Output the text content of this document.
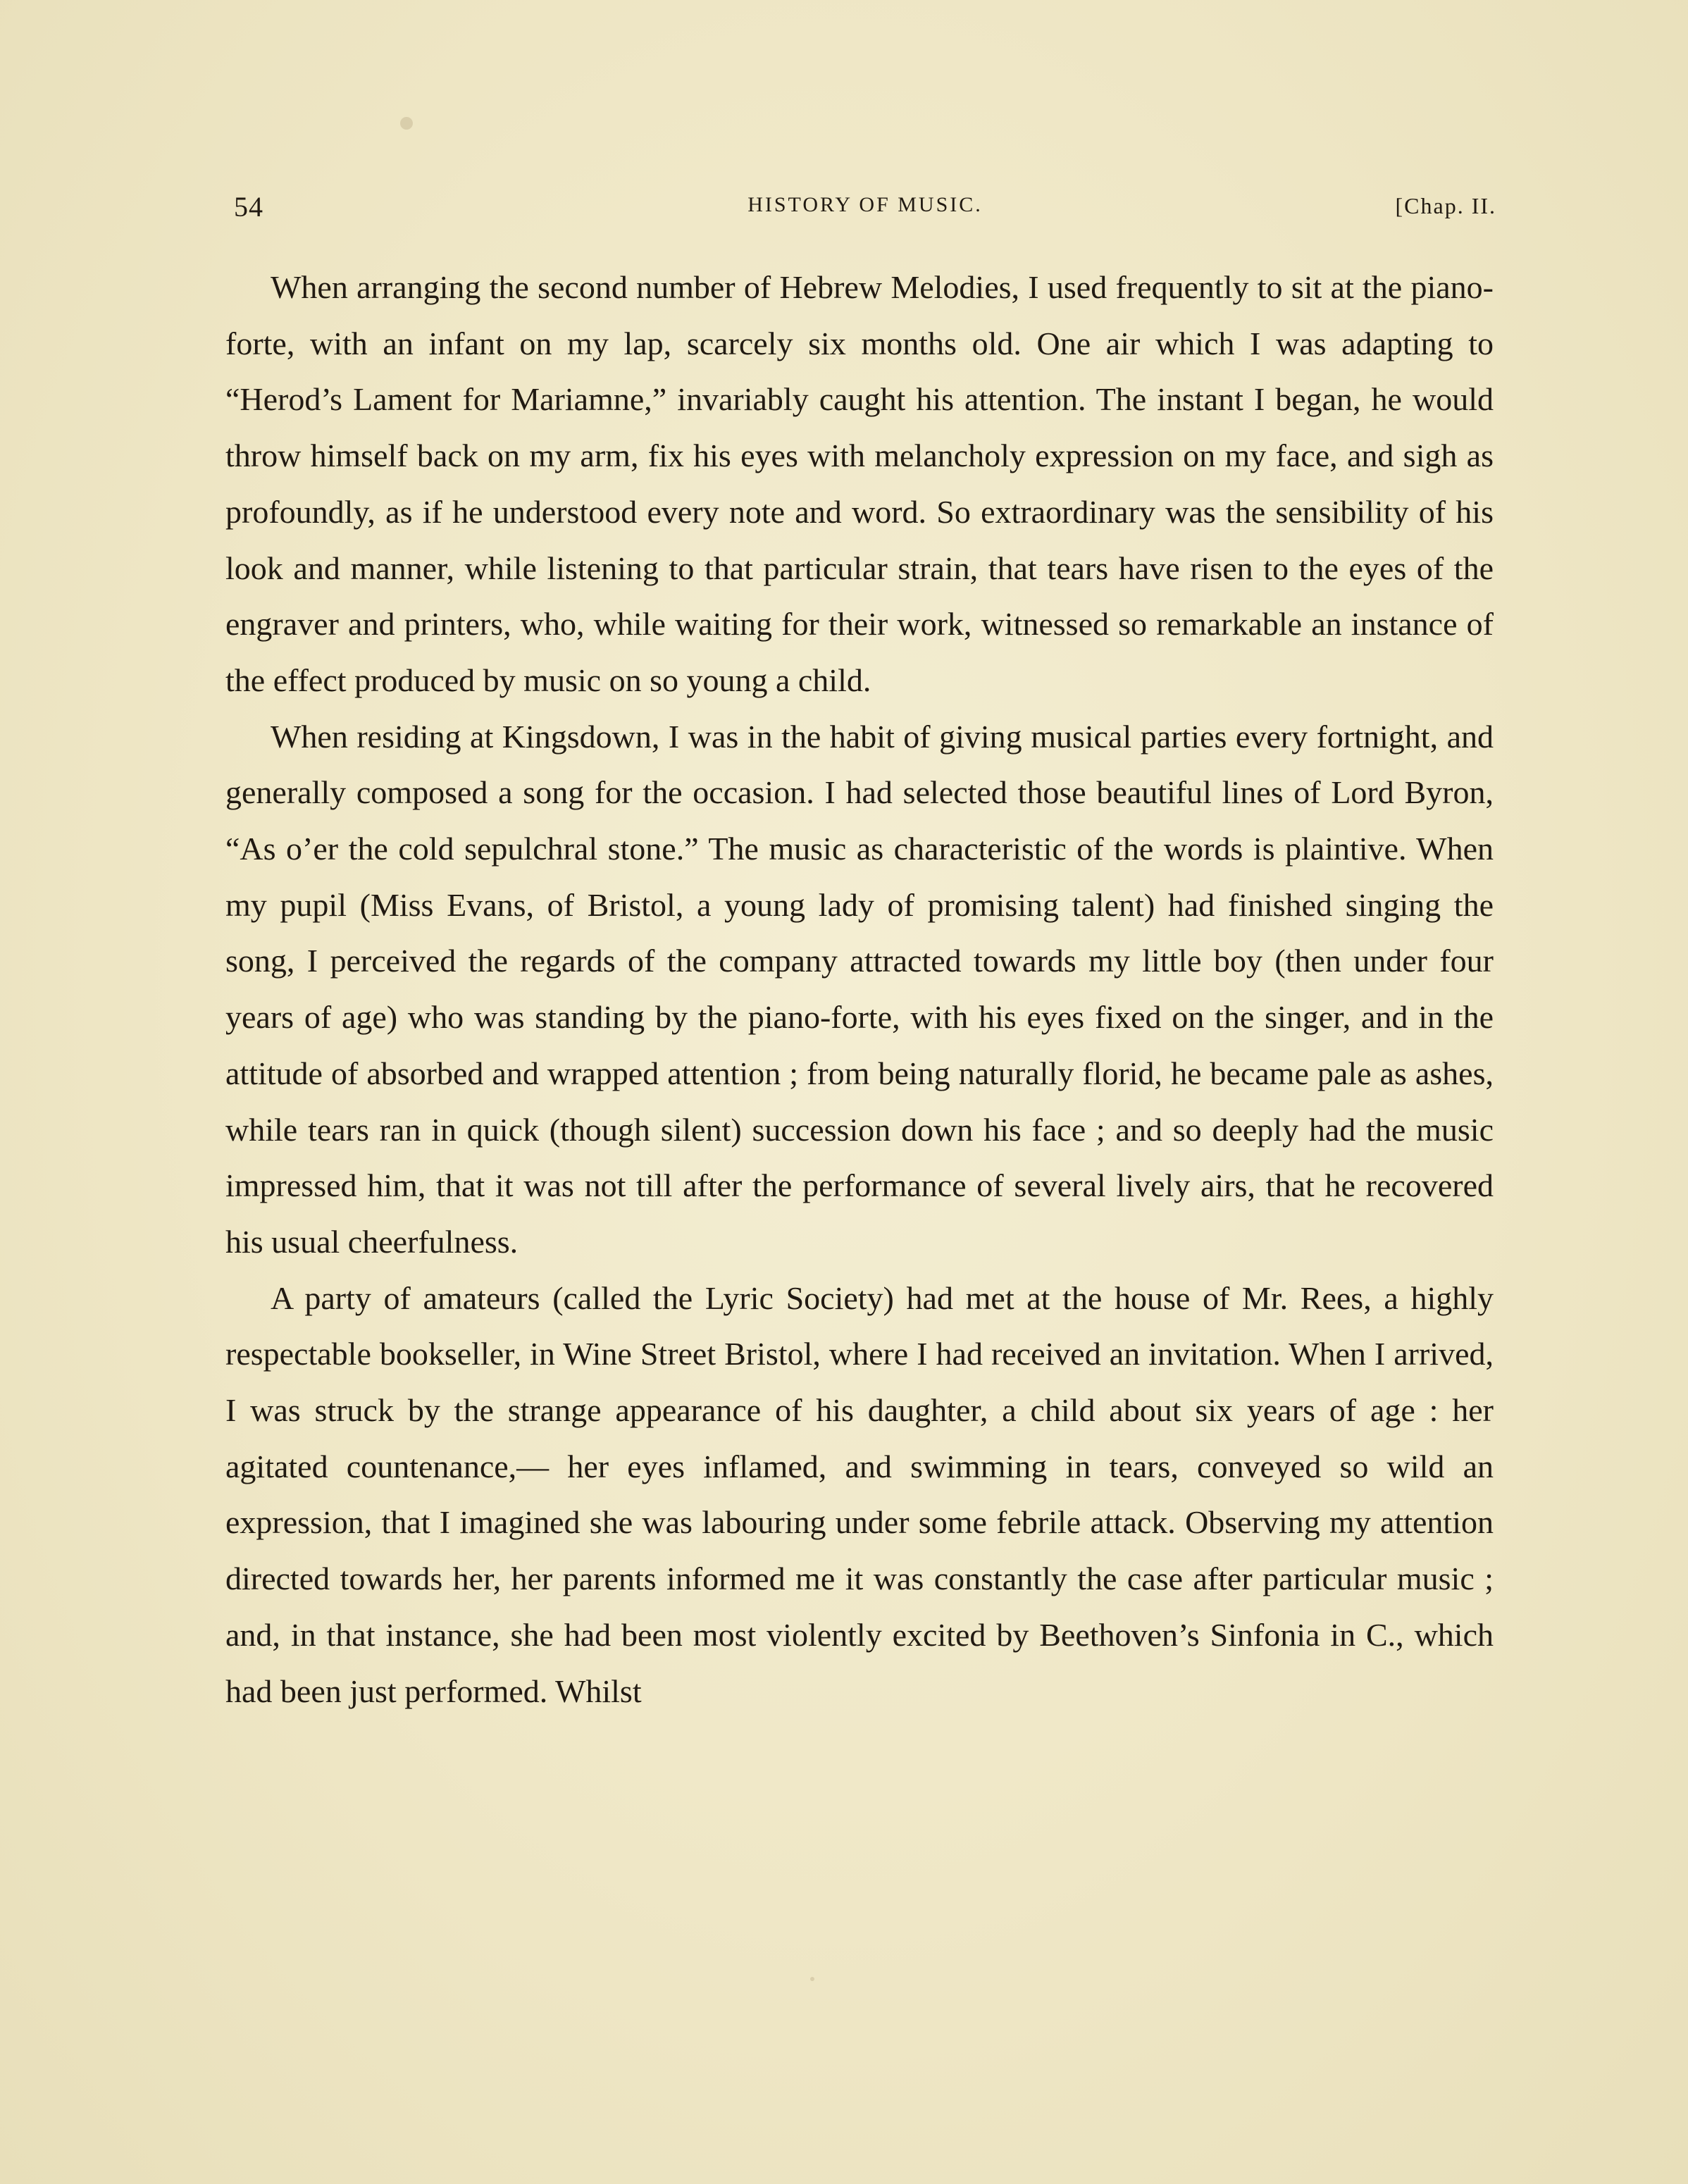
54	HISTORY OF MUSIC.	[Chap. II.

When arranging the second number of Hebrew Melodies, I used frequently to sit at the piano-forte, with an infant on my lap, scarcely six months old. One air which I was adapting to “Herod’s Lament for Mariamne,” invariably caught his attention. The instant I began, he would throw himself back on my arm, fix his eyes with melancholy expression on my face, and sigh as profoundly, as if he understood every note and word. So extraordinary was the sensibility of his look and manner, while listening to that particular strain, that tears have risen to the eyes of the engraver and printers, who, while waiting for their work, witnessed so remarkable an instance of the effect produced by music on so young a child.

When residing at Kingsdown, I was in the habit of giving musical parties every fortnight, and generally composed a song for the occasion. I had selected those beautiful lines of Lord Byron, “As o’er the cold sepulchral stone.” The music as characteristic of the words is plaintive. When my pupil (Miss Evans, of Bristol, a young lady of promising talent) had finished singing the song, I perceived the regards of the company attracted towards my little boy (then under four years of age) who was standing by the piano-forte, with his eyes fixed on the singer, and in the attitude of absorbed and wrapped attention ; from being naturally florid, he became pale as ashes, while tears ran in quick (though silent) succession down his face ; and so deeply had the music impressed him, that it was not till after the performance of several lively airs, that he recovered his usual cheerfulness.

A party of amateurs (called the Lyric Society) had met at the house of Mr. Rees, a highly respectable bookseller, in Wine Street Bristol, where I had received an invitation. When I arrived, I was struck by the strange appearance of his daughter, a child about six years of age : her agitated countenance,— her eyes inflamed, and swimming in tears, conveyed so wild an expression, that I imagined she was labouring under some febrile attack. Observing my attention directed towards her, her parents informed me it was constantly the case after particular music ; and, in that instance, she had been most violently excited by Beethoven’s Sinfonia in C., which had been just performed. Whilst
